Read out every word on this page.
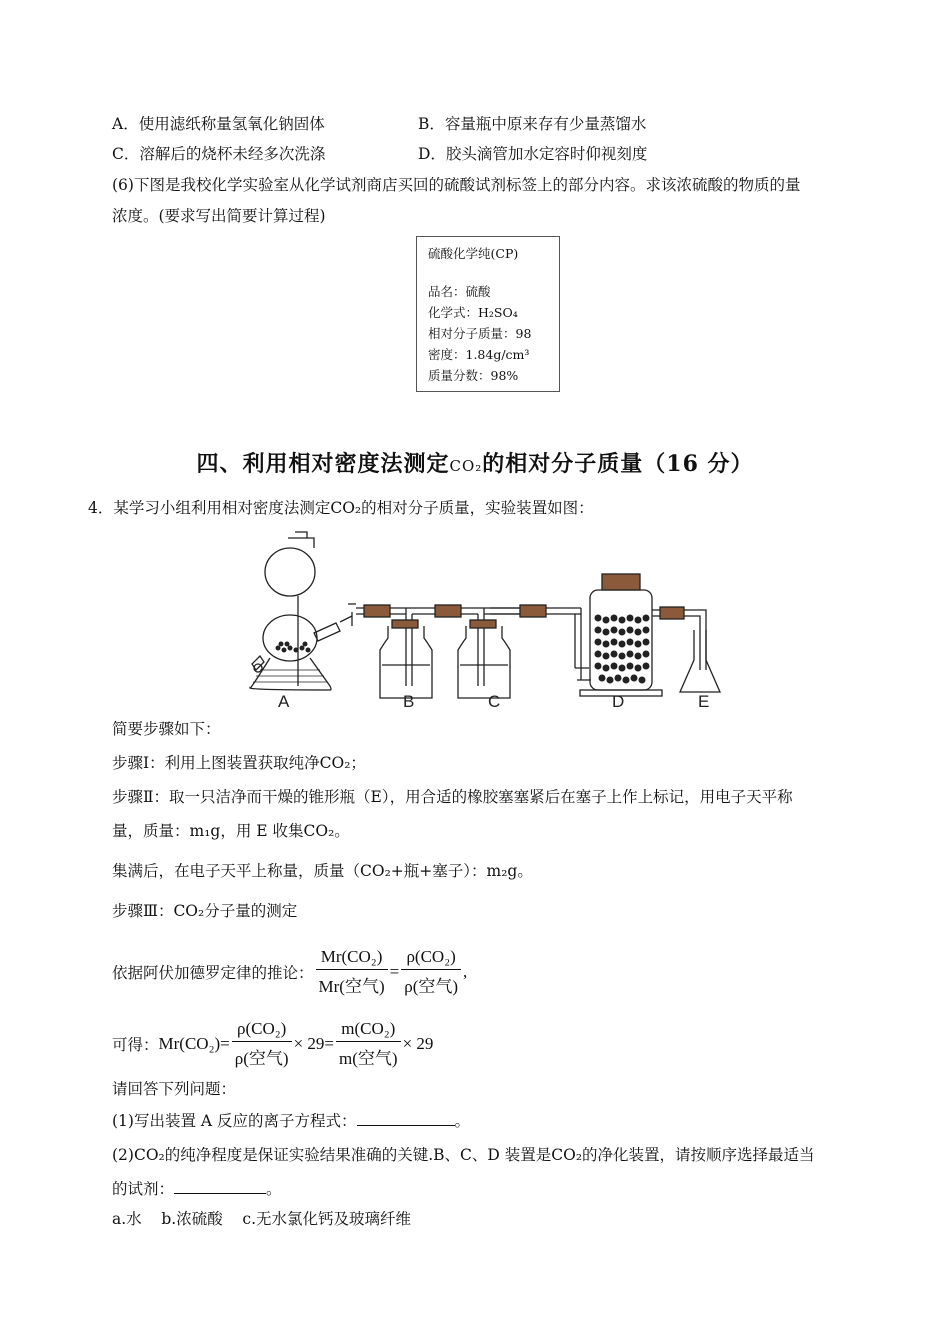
A．使用滤纸称量氢氧化钠固体	B．容量瓶中原来存有少量蒸馏水
C．溶解后的烧杯未经多次洗涤	D．胶头滴管加水定容时仰视刻度
(6)下图是我校化学实验室从化学试剂商店买回的硫酸试剂标签上的部分内容。求该浓硫酸的物质的量
浓度。(要求写出简要计算过程)
硫酸化学纯(CP)
品名：硫酸
化学式：H₂SO₄
相对分子质量：98
密度：1.84g/cm³
质量分数：98%
四、利用相对密度法测定CO₂的相对分子质量（16 分）
4．某学习小组利用相对密度法测定CO₂的相对分子质量，实验装置如图：
A	B	C	D	E
简要步骤如下：
步骤Ⅰ：利用上图装置获取纯净CO₂；
步骤Ⅱ：取一只洁净而干燥的锥形瓶（E），用合适的橡胶塞塞紧后在塞子上作上标记，用电子天平称
量，质量：m₁g，用 E 收集CO₂。
集满后，在电子天平上称量，质量（CO₂+瓶+塞子）：m₂g。
步骤Ⅲ：CO₂分子量的测定
依据阿伏加德罗定律的推论： $\frac{\text{Mr(CO₂)}}{\text{Mr(空气)}} = \frac{\text{ρ(CO₂)}}{\text{ρ(空气)}}$ ,
可得： $Mr(CO_2) = \frac{\text{ρ(CO₂)}}{\text{ρ(空气)}} \times 29 = \frac{\text{m(CO₂)}}{\text{m(空气)}} \times 29$
请回答下列问题：
(1)写出装置 A 反应的离子方程式：	。
(2)CO₂的纯净程度是保证实验结果准确的关键.B、C、D 装置是CO₂的净化装置，请按顺序选择最适当
的试剂：	。
a.水    b.浓硫酸    c.无水氯化钙及玻璃纤维
